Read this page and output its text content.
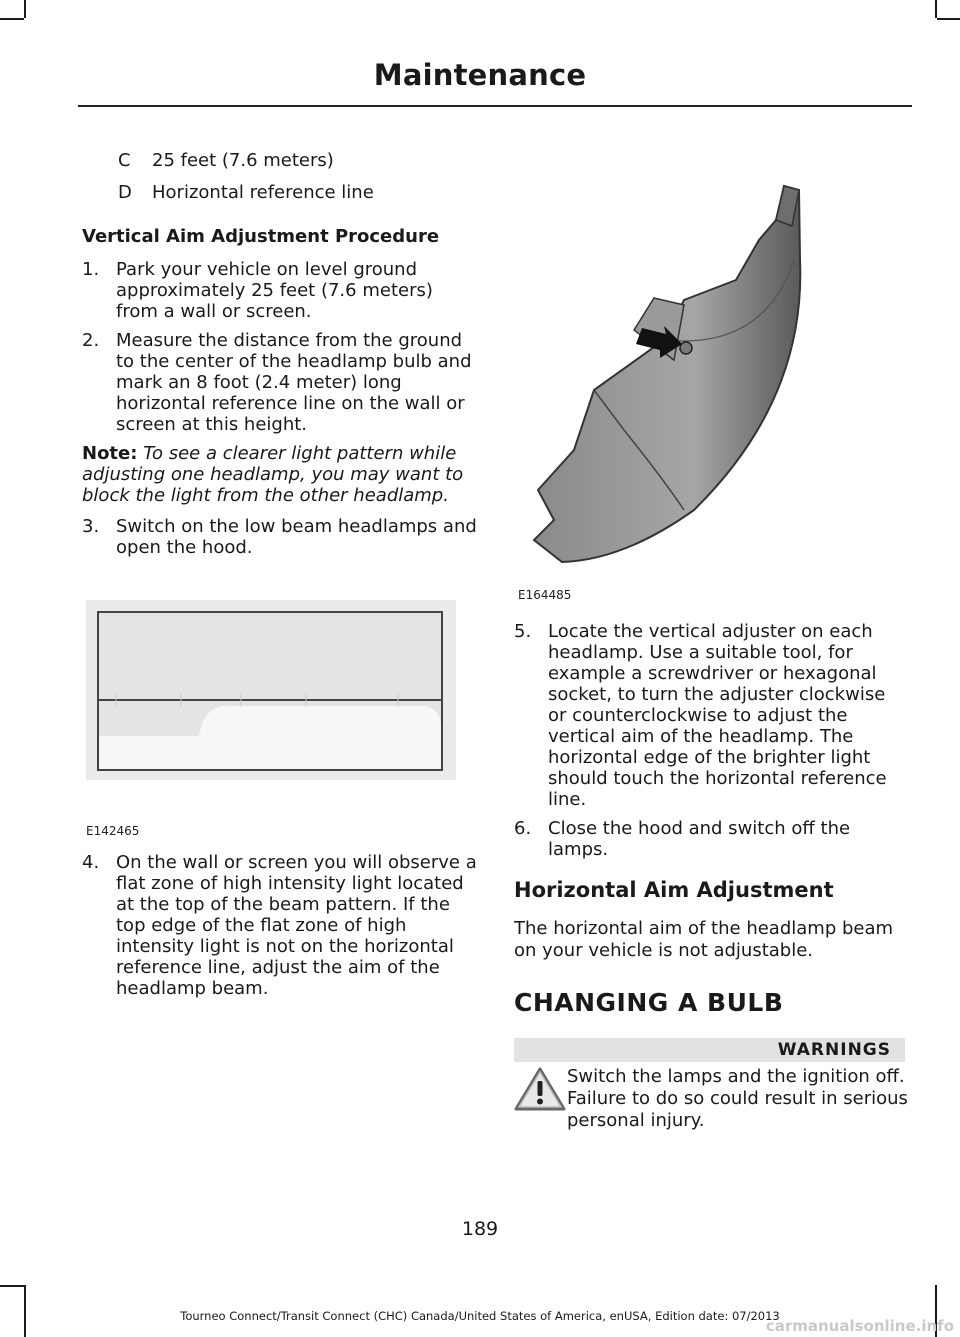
Maintenance
C	25 feet (7.6 meters)
D	Horizontal reference line
Vertical Aim Adjustment Procedure
1. Park your vehicle on level ground approximately 25 feet (7.6 meters) from a wall or screen.
2. Measure the distance from the ground to the center of the headlamp bulb and mark an 8 foot (2.4 meter) long horizontal reference line on the wall or screen at this height.
Note: To see a clearer light pattern while adjusting one headlamp, you may want to block the light from the other headlamp.
3. Switch on the low beam headlamps and open the hood.
E142465
4. On the wall or screen you will observe a flat zone of high intensity light located at the top of the beam pattern. If the top edge of the flat zone of high intensity light is not on the horizontal reference line, adjust the aim of the headlamp beam.
E164485
5. Locate the vertical adjuster on each headlamp. Use a suitable tool, for example a screwdriver or hexagonal socket, to turn the adjuster clockwise or counterclockwise to adjust the vertical aim of the headlamp. The horizontal edge of the brighter light should touch the horizontal reference line.
6. Close the hood and switch off the lamps.
Horizontal Aim Adjustment
The horizontal aim of the headlamp beam on your vehicle is not adjustable.
CHANGING A BULB
WARNINGS
Switch the lamps and the ignition off. Failure to do so could result in serious personal injury.
189
Tourneo Connect/Transit Connect (CHC) Canada/United States of America, enUSA, Edition date: 07/2013
carmanualsonline.info
